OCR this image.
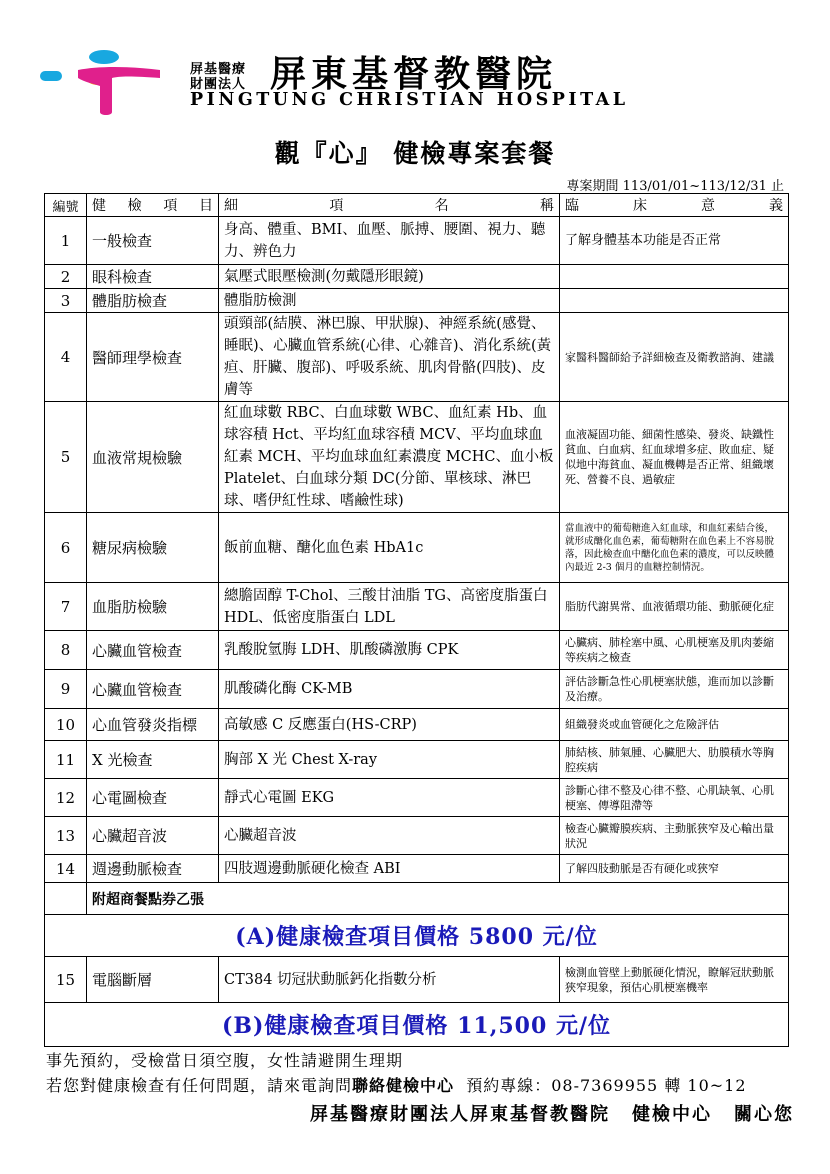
屏基醫療
財團法人 屏東基督教醫院
PINGTUNG CHRISTIAN HOSPITAL
觀『心』 健檢專案套餐
專案期間 113/01/01~113/12/31 止
編號	健 檢 項 目	細 項 名 稱	臨 床 意 義

1	一般檢查	身高、體重、BMI、血壓、脈搏、腰圍、視力、聽力、辨色力	了解身體基本功能是否正常
2	眼科檢查	氣壓式眼壓檢測(勿戴隱形眼鏡)	
3	體脂肪檢查	體脂肪檢測	
4	醫師理學檢查	頭頸部(結膜、淋巴腺、甲狀腺)、神經系統(感覺、睡眠)、心臟血管系統(心律、心雜音)、消化系統(黃疸、肝臟、腹部)、呼吸系統、肌肉骨骼(四肢)、皮膚等	家醫科醫師給予詳細檢查及衛教諮詢、建議
5	血液常規檢驗	紅血球數 RBC、白血球數 WBC、血紅素 Hb、血球容積 Hct、平均紅血球容積 MCV、平均血球血紅素 MCH、平均血球血紅素濃度 MCHC、血小板 Platelet、白血球分類 DC(分節、單核球、淋巴球、嗜伊紅性球、嗜鹼性球)	血液凝固功能、細菌性感染、發炎、缺鐵性貧血、白血病、紅血球增多症、敗血症、疑似地中海貧血、凝血機轉是否正常、組織壞死、營養不良、過敏症
6	糖尿病檢驗	飯前血糖、醣化血色素 HbA1c	當血液中的葡萄糖進入紅血球，和血紅素結合後，就形成醣化血色素，葡萄糖附在血色素上不容易脫落，因此檢查血中醣化血色素的濃度，可以反映體內最近 2-3 個月的血糖控制情況。
7	血脂肪檢驗	總膽固醇 T-Chol、三酸甘油脂 TG、高密度脂蛋白 HDL、低密度脂蛋白 LDL	脂肪代謝異常、血液循環功能、動脈硬化症
8	心臟血管檢查	乳酸脫氫脢 LDH、肌酸磷激脢 CPK	心臟病、肺栓塞中風、心肌梗塞及肌肉萎縮等疾病之檢查
9	心臟血管檢查	肌酸磷化酶 CK-MB	評估診斷急性心肌梗塞狀態，進而加以診斷及治療。
10	心血管發炎指標	高敏感 C 反應蛋白(HS-CRP)	組織發炎或血管硬化之危險評估
11	X 光檢查	胸部 X 光 Chest X-ray	肺結核、肺氣腫、心臟肥大、肋膜積水等胸腔疾病
12	心電圖檢查	靜式心電圖 EKG	診斷心律不整及心律不整、心肌缺氧、心肌梗塞、傳導阻滯等
13	心臟超音波	心臟超音波	檢查心臟瓣膜疾病、主動脈狹窄及心輸出量狀況
14	週邊動脈檢查	四肢週邊動脈硬化檢查 ABI	了解四肢動脈是否有硬化或狹窄
	附超商餐點券乙張		
(A)健康檢查項目價格 5800 元/位			
15	電腦斷層	CT384 切冠狀動脈鈣化指數分析	檢測血管壁上動脈硬化情況，瞭解冠狀動脈狹窄現象，預估心肌梗塞機率
(B)健康檢查項目價格 11,500 元/位			
事先預約，受檢當日須空腹，女性請避開生理期
若您對健康檢查有任何問題，請來電詢問聯絡健檢中心 預約專線：08-7369955 轉 10~12
屏基醫療財團法人屏東基督教醫院 健檢中心 關心您
